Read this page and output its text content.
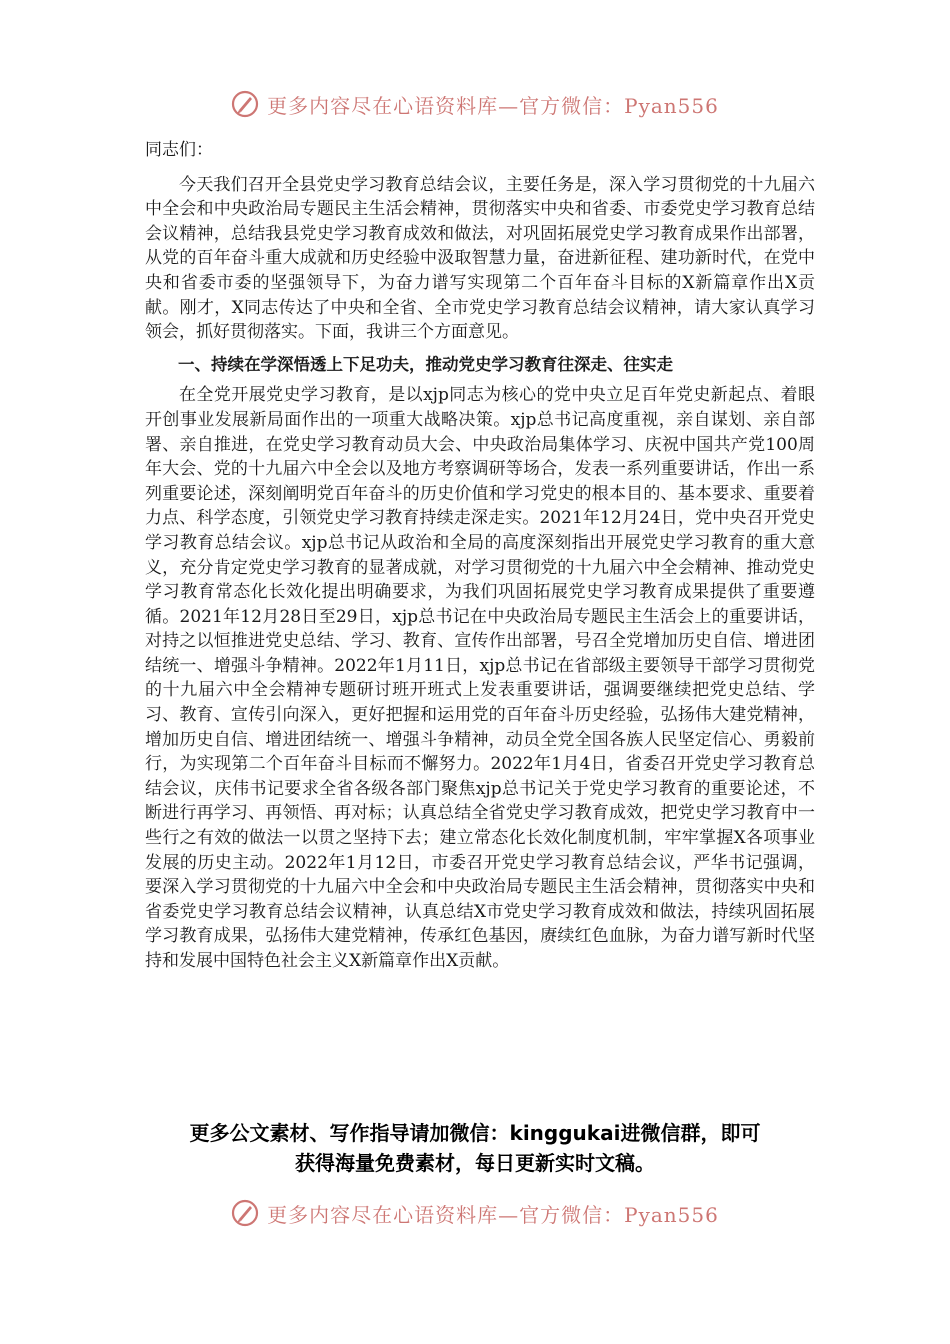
更多内容尽在心语资料库—官方微信：Pyan556

同志们：

今天我们召开全县党史学习教育总结会议，主要任务是，深入学习贯彻党的十九届六中全会和中央政治局专题民主生活会精神，贯彻落实中央和省委、市委党史学习教育总结会议精神，总结我县党史学习教育成效和做法，对巩固拓展党史学习教育成果作出部署，从党的百年奋斗重大成就和历史经验中汲取智慧力量，奋进新征程、建功新时代，在党中央和省委市委的坚强领导下，为奋力谱写实现第二个百年奋斗目标的X新篇章作出X贡献。刚才，X同志传达了中央和全省、全市党史学习教育总结会议精神，请大家认真学习领会，抓好贯彻落实。下面，我讲三个方面意见。

一、持续在学深悟透上下足功夫，推动党史学习教育往深走、往实走

在全党开展党史学习教育，是以xjp同志为核心的党中央立足百年党史新起点、着眼开创事业发展新局面作出的一项重大战略决策。xjp总书记高度重视，亲自谋划、亲自部署、亲自推进，在党史学习教育动员大会、中央政治局集体学习、庆祝中国共产党100周年大会、党的十九届六中全会以及地方考察调研等场合，发表一系列重要讲话，作出一系列重要论述，深刻阐明党百年奋斗的历史价值和学习党史的根本目的、基本要求、重要着力点、科学态度，引领党史学习教育持续走深走实。2021年12月24日，党中央召开党史学习教育总结会议。xjp总书记从政治和全局的高度深刻指出开展党史学习教育的重大意义，充分肯定党史学习教育的显著成就，对学习贯彻党的十九届六中全会精神、推动党史学习教育常态化长效化提出明确要求，为我们巩固拓展党史学习教育成果提供了重要遵循。2021年12月28日至29日，xjp总书记在中央政治局专题民主生活会上的重要讲话，对持之以恒推进党史总结、学习、教育、宣传作出部署，号召全党增加历史自信、增进团结统一、增强斗争精神。2022年1月11日，xjp总书记在省部级主要领导干部学习贯彻党的十九届六中全会精神专题研讨班开班式上发表重要讲话，强调要继续把党史总结、学习、教育、宣传引向深入，更好把握和运用党的百年奋斗历史经验，弘扬伟大建党精神，增加历史自信、增进团结统一、增强斗争精神，动员全党全国各族人民坚定信心、勇毅前行，为实现第二个百年奋斗目标而不懈努力。2022年1月4日，省委召开党史学习教育总结会议，庆伟书记要求全省各级各部门聚焦xjp总书记关于党史学习教育的重要论述，不断进行再学习、再领悟、再对标；认真总结全省党史学习教育成效，把党史学习教育中一些行之有效的做法一以贯之坚持下去；建立常态化长效化制度机制，牢牢掌握X各项事业发展的历史主动。2022年1月12日，市委召开党史学习教育总结会议，严华书记强调，要深入学习贯彻党的十九届六中全会和中央政治局专题民主生活会精神，贯彻落实中央和省委党史学习教育总结会议精神，认真总结X市党史学习教育成效和做法，持续巩固拓展学习教育成果，弘扬伟大建党精神，传承红色基因，赓续红色血脉，为奋力谱写新时代坚持和发展中国特色社会主义X新篇章作出X贡献。

更多公文素材、写作指导请加微信：kinggukai进微信群，即可
获得海量免费素材，每日更新实时文稿。
更多内容尽在心语资料库—官方微信：Pyan556
